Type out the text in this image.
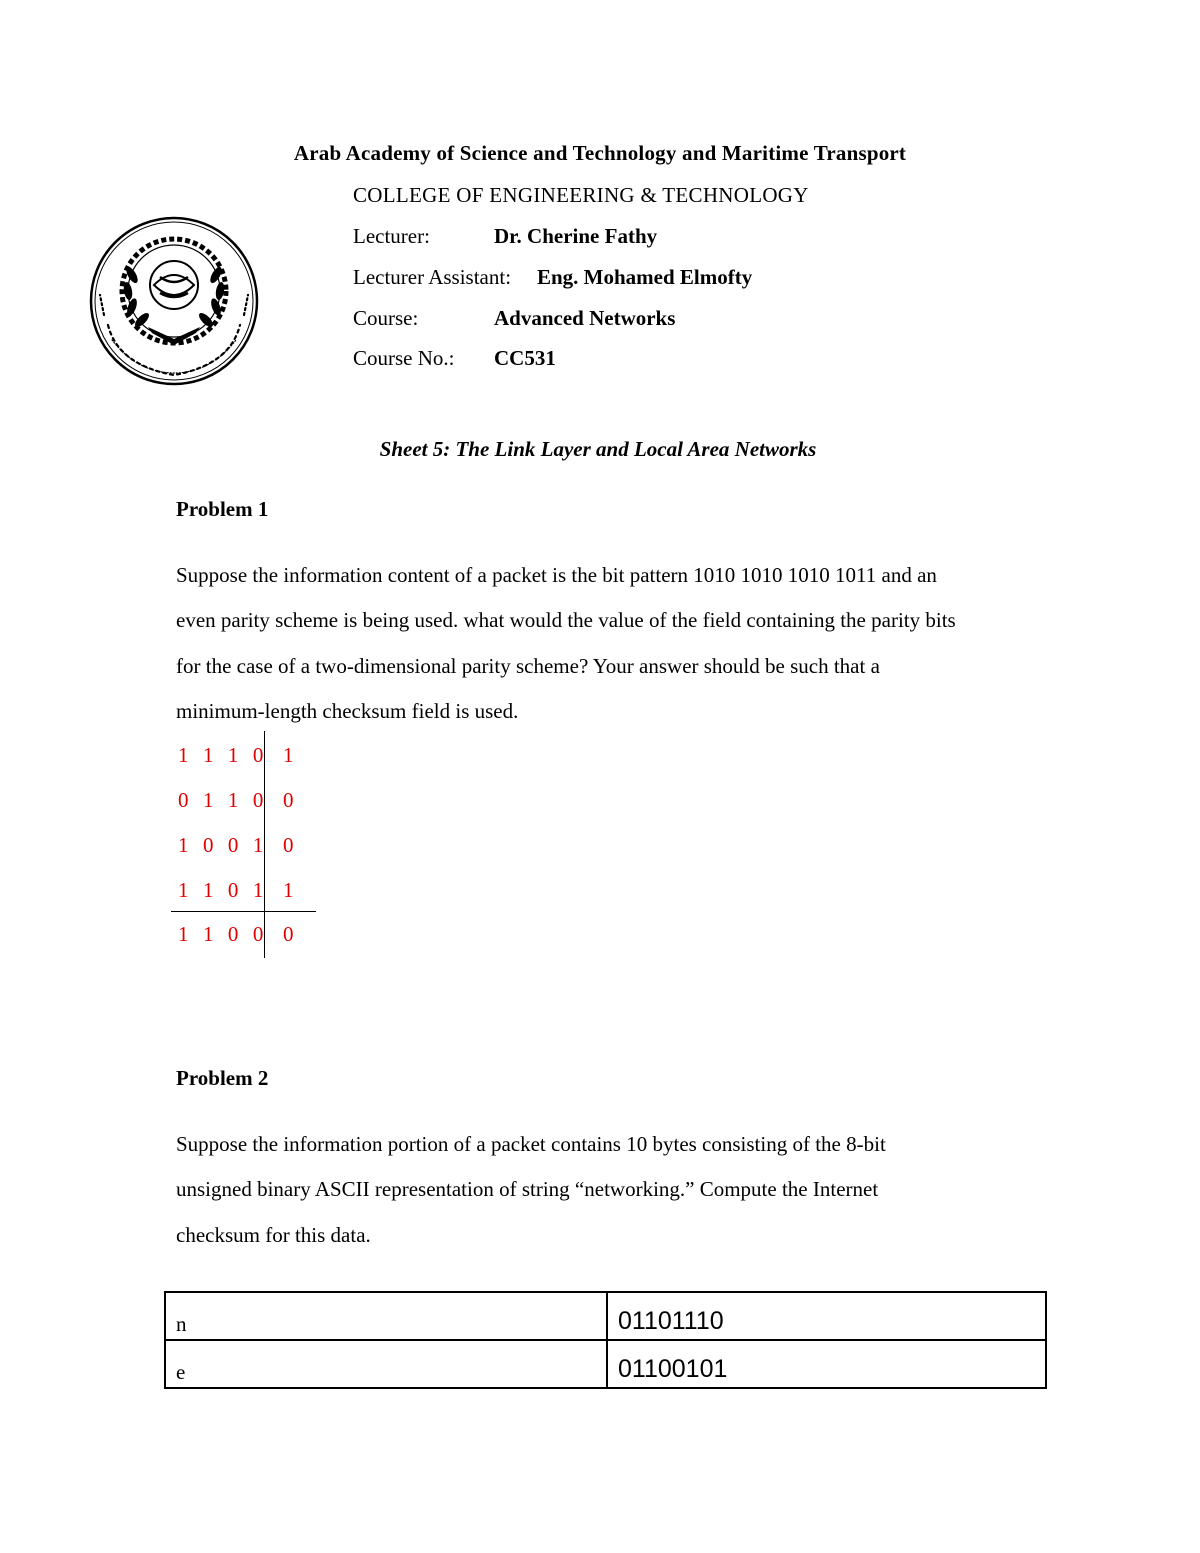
Arab Academy of Science and Technology and Maritime Transport
COLLEGE OF ENGINEERING & TECHNOLOGY
Lecturer:	Dr. Cherine Fathy
Lecturer Assistant: Eng. Mohamed Elmofty
Course:	Advanced Networks
Course No.: CC531
Sheet 5: The Link Layer and Local Area Networks
Problem 1

Suppose the information content of a packet is the bit pattern 1010 1010 1010 1011 and an

even parity scheme is being used. what would the value of the field containing the parity bits

for the case of a two-dimensional parity scheme? Your answer should be such that a

minimum-length checksum field is used.

1 1 1 0 1
0 1 1 0 0
1 0 0 1 0
1 1 0 1 1
1 1 0 0 0
Problem 2

Suppose the information portion of a packet contains 10 bytes consisting of the 8-bit

unsigned binary ASCII representation of string “networking.” Compute the Internet

checksum for this data.

n	01101110
e	01100101
